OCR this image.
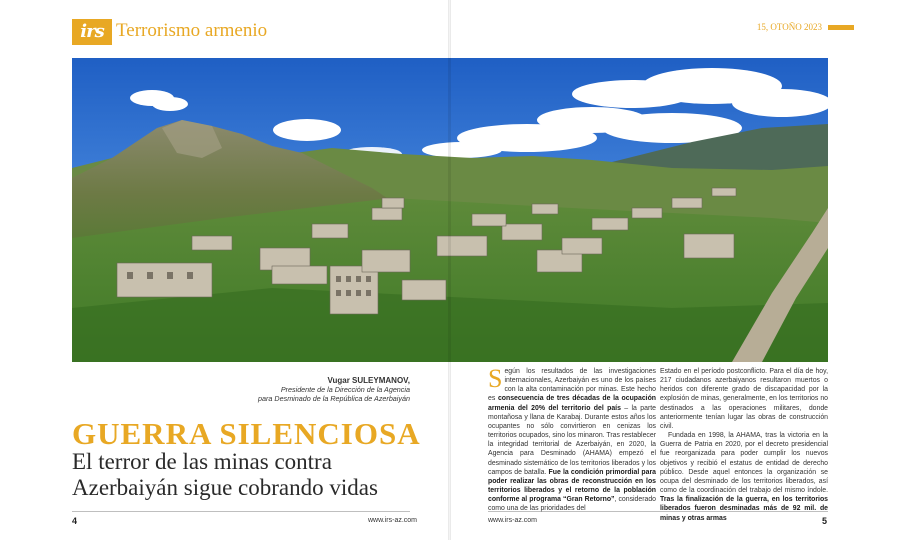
irs Terrorismo armenio	15, OTOÑO 2023
Vugar SULEYMANOV,
Presidente de la Dirección de la Agencia
para Desminado de la República de Azerbaiyán
GUERRA SILENCIOSA
El terror de las minas contra Azerbaiyán sigue cobrando vidas
4	www.irs-az.com	www.irs-az.com	5

Según los resultados de las investigaciones internacionales, Azerbaiyán es uno de los países con la alta contaminación por minas. Este hecho es consecuencia de tres décadas de la ocupación armenia del 20% del territorio del país – la parte montañosa y llana de Karabaj. Durante estos años los ocupantes no sólo convirtieron en cenizas los territorios ocupados, sino los minaron. Tras restablecer la integridad territorial de Azerbaiyán, en 2020, la Agencia para Desminado (AHAMA) empezó el desminado sistemático de los territorios liberados y los campos de batalla. Fue la condición primordial para poder realizar las obras de reconstrucción en los territorios liberados y el retorno de la población conforme al programa “Gran Retorno”, considerado como una de las prioridades del

Estado en el período postconflicto. Para el día de hoy, 217 ciudadanos azerbaiyanos resultaron muertos o heridos con diferente grado de discapacidad por la explosión de minas, generalmente, en los territorios no destinados a las operaciones militares, donde anteriormente tenían lugar las obras de construcción civil.

Fundada en 1998, la AHAMA, tras la victoria en la Guerra de Patria en 2020, por el decreto presidencial fue reorganizada para poder cumplir los nuevos objetivos y recibió el estatus de entidad de derecho público. Desde aquel entonces la organización se ocupa del desminado de los territorios liberados, así como de la coordinación del trabajo del mismo índole. Tras la finalización de la guerra, en los territorios liberados fueron desminadas más de 92 mil. de minas y otras armas
